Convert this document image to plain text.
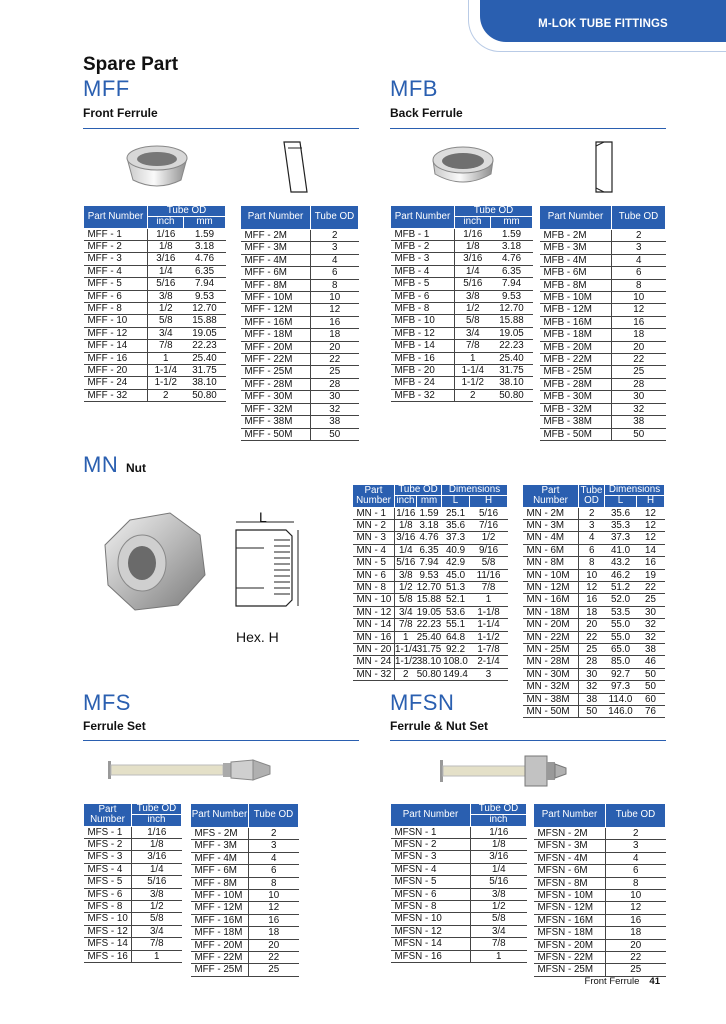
M-LOK TUBE FITTINGS
Spare Part
MFF
Front Ferrule
Part Number	Tube OD	
	inch	mm
MFF - 1	1/16	1.59
MFF - 2	1/8	3.18
MFF - 3	3/16	4.76
MFF - 4	1/4	6.35
MFF - 5	5/16	7.94
MFF - 6	3/8	9.53
MFF - 8	1/2	12.70
MFF - 10	5/8	15.88
MFF - 12	3/4	19.05
MFF - 14	7/8	22.23
MFF - 16	1	25.40
MFF - 20	1-1/4	31.75
MFF - 24	1-1/2	38.10
MFF - 32	2	50.80
Part Number	Tube OD
MFF - 2M	2
MFF - 3M	3
MFF - 4M	4
MFF - 6M	6
MFF - 8M	8
MFF - 10M	10
MFF - 12M	12
MFF - 16M	16
MFF - 18M	18
MFF - 20M	20
MFF - 22M	22
MFF - 25M	25
MFF - 28M	28
MFF - 30M	30
MFF - 32M	32
MFF - 38M	38
MFF - 50M	50
MFB
Back Ferrule
Part Number	Tube OD	
	inch	mm
MFB - 1	1/16	1.59
MFB - 2	1/8	3.18
MFB - 3	3/16	4.76
MFB - 4	1/4	6.35
MFB - 5	5/16	7.94
MFB - 6	3/8	9.53
MFB - 8	1/2	12.70
MFB - 10	5/8	15.88
MFB - 12	3/4	19.05
MFB - 14	7/8	22.23
MFB - 16	1	25.40
MFB - 20	1-1/4	31.75
MFB - 24	1-1/2	38.10
MFB - 32	2	50.80
Part Number	Tube OD
MFB - 2M	2
MFB - 3M	3
MFB - 4M	4
MFB - 6M	6
MFB - 8M	8
MFB - 10M	10
MFB - 12M	12
MFB - 16M	16
MFB - 18M	18
MFB - 20M	20
MFB - 22M	22
MFB - 25M	25
MFB - 28M	28
MFB - 30M	30
MFB - 32M	32
MFB - 38M	38
MFB - 50M	50
MN Nut
L
Hex. H
Part Number	Tube OD		Dimensions	
	inch	mm	L	H
MN - 1	1/16	1.59	25.1	5/16
MN - 2	1/8	3.18	35.6	7/16
MN - 3	3/16	4.76	37.3	1/2
MN - 4	1/4	6.35	40.9	9/16
MN - 5	5/16	7.94	42.9	5/8
MN - 6	3/8	9.53	45.0	11/16
MN - 8	1/2	12.70	51.3	7/8
MN - 10	5/8	15.88	52.1	1
MN - 12	3/4	19.05	53.6	1-1/8
MN - 14	7/8	22.23	55.1	1-1/4
MN - 16	1	25.40	64.8	1-1/2
MN - 20	1-1/4	31.75	92.2	1-7/8
MN - 24	1-1/2	38.10	108.0	2-1/4
MN - 32	2	50.80	149.4	3
Part Number	Tube OD	Dimensions	
		L	H
MN - 2M	2	35.6	12
MN - 3M	3	35.3	12
MN - 4M	4	37.3	12
MN - 6M	6	41.0	14
MN - 8M	8	43.2	16
MN - 10M	10	46.2	19
MN - 12M	12	51.2	22
MN - 16M	16	52.0	25
MN - 18M	18	53.5	30
MN - 20M	20	55.0	32
MN - 22M	22	55.0	32
MN - 25M	25	65.0	38
MN - 28M	28	85.0	46
MN - 30M	30	92.7	50
MN - 32M	32	97.3	50
MN - 38M	38	114.0	60
MN - 50M	50	146.0	76
MFS
Ferrule Set
Part Number	Tube OD
	inch
MFS - 1	1/16
MFS - 2	1/8
MFS - 3	3/16
MFS - 4	1/4
MFS - 5	5/16
MFS - 6	3/8
MFS - 8	1/2
MFS - 10	5/8
MFS - 12	3/4
MFS - 14	7/8
MFS - 16	1
Part Number	Tube OD
MFS - 2M	2
MFF - 3M	3
MFF - 4M	4
MFF - 6M	6
MFF - 8M	8
MFF - 10M	10
MFF - 12M	12
MFF - 16M	16
MFF - 18M	18
MFF - 20M	20
MFF - 22M	22
MFF - 25M	25
MFSN
Ferrule & Nut Set
Part Number	Tube OD
	inch
MFSN - 1	1/16
MFSN - 2	1/8
MFSN - 3	3/16
MFSN - 4	1/4
MFSN - 5	5/16
MFSN - 6	3/8
MFSN - 8	1/2
MFSN - 10	5/8
MFSN - 12	3/4
MFSN - 14	7/8
MFSN - 16	1
Part Number	Tube OD
MFSN - 2M	2
MFSN - 3M	3
MFSN - 4M	4
MFSN - 6M	6
MFSN - 8M	8
MFSN - 10M	10
MFSN - 12M	12
MFSN - 16M	16
MFSN - 18M	18
MFSN - 20M	20
MFSN - 22M	22
MFSN - 25M	25
Front Ferrule 41
